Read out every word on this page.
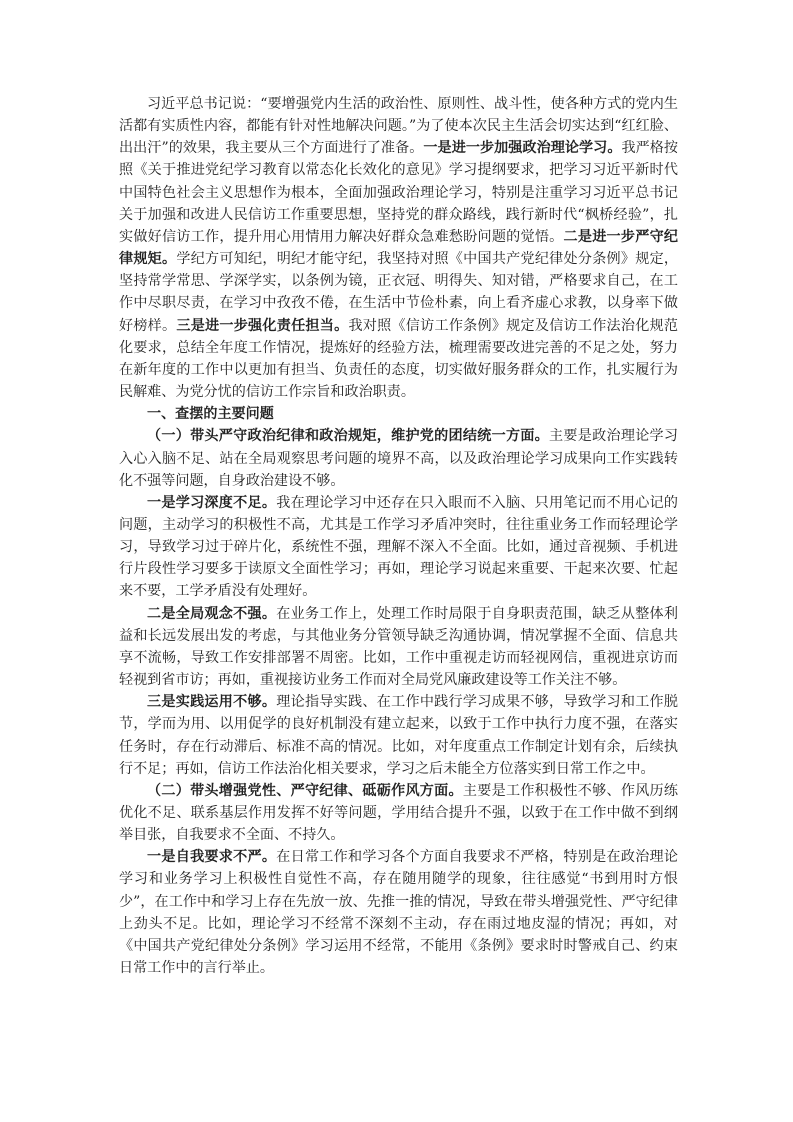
习近平总书记说：“要增强党内生活的政治性、原则性、战斗性，使各种方式的党内生活都有实质性内容，都能有针对性地解决问题。”为了使本次民主生活会切实达到“红红脸、出出汗”的效果，我主要从三个方面进行了准备。一是进一步加强政治理论学习。我严格按照《关于推进党纪学习教育以常态化长效化的意见》学习提纲要求，把学习习近平新时代中国特色社会主义思想作为根本，全面加强政治理论学习，特别是注重学习习近平总书记关于加强和改进人民信访工作重要思想，坚持党的群众路线，践行新时代“枫桥经验”，扎实做好信访工作，提升用心用情用力解决好群众急难愁盼问题的觉悟。二是进一步严守纪律规矩。学纪方可知纪，明纪才能守纪，我坚持对照《中国共产党纪律处分条例》规定，坚持常学常思、学深学实，以条例为镜，正衣冠、明得失、知对错，严格要求自己，在工作中尽职尽责，在学习中孜孜不倦，在生活中节俭朴素，向上看齐虚心求教，以身率下做好榜样。三是进一步强化责任担当。我对照《信访工作条例》规定及信访工作法治化规范化要求，总结全年度工作情况，提炼好的经验方法，梳理需要改进完善的不足之处，努力在新年度的工作中以更加有担当、负责任的态度，切实做好服务群众的工作，扎实履行为民解难、为党分忧的信访工作宗旨和政治职责。

一、查摆的主要问题

（一）带头严守政治纪律和政治规矩，维护党的团结统一方面。主要是政治理论学习入心入脑不足、站在全局观察思考问题的境界不高，以及政治理论学习成果向工作实践转化不强等问题，自身政治建设不够。

一是学习深度不足。我在理论学习中还存在只入眼而不入脑、只用笔记而不用心记的问题，主动学习的积极性不高，尤其是工作学习矛盾冲突时，往往重业务工作而轻理论学习，导致学习过于碎片化，系统性不强，理解不深入不全面。比如，通过音视频、手机进行片段性学习要多于读原文全面性学习；再如，理论学习说起来重要、干起来次要、忙起来不要，工学矛盾没有处理好。

二是全局观念不强。在业务工作上，处理工作时局限于自身职责范围，缺乏从整体利益和长远发展出发的考虑，与其他业务分管领导缺乏沟通协调，情况掌握不全面、信息共享不流畅，导致工作安排部署不周密。比如，工作中重视走访而轻视网信，重视进京访而轻视到省市访；再如，重视接访业务工作而对全局党风廉政建设等工作关注不够。

三是实践运用不够。理论指导实践、在工作中践行学习成果不够，导致学习和工作脱节，学而为用、以用促学的良好机制没有建立起来，以致于工作中执行力度不强，在落实任务时，存在行动滞后、标准不高的情况。比如，对年度重点工作制定计划有余，后续执行不足；再如，信访工作法治化相关要求，学习之后未能全方位落实到日常工作之中。

（二）带头增强党性、严守纪律、砥砺作风方面。主要是工作积极性不够、作风历练优化不足、联系基层作用发挥不好等问题，学用结合提升不强，以致于在工作中做不到纲举目张，自我要求不全面、不持久。

一是自我要求不严。在日常工作和学习各个方面自我要求不严格，特别是在政治理论学习和业务学习上积极性自觉性不高，存在随用随学的现象，往往感觉“书到用时方恨少”，在工作中和学习上存在先放一放、先推一推的情况，导致在带头增强党性、严守纪律上劲头不足。比如，理论学习不经常不深刻不主动，存在雨过地皮湿的情况；再如，对《中国共产党纪律处分条例》学习运用不经常，不能用《条例》要求时时警戒自己、约束日常工作中的言行举止。
